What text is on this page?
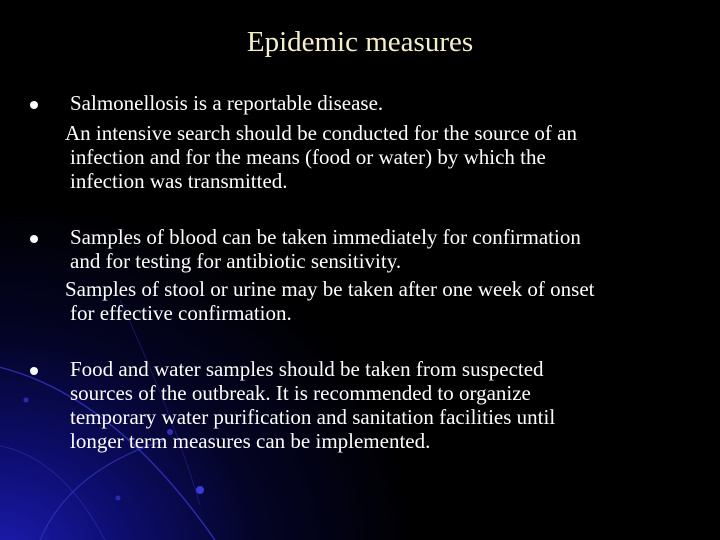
Epidemic measures
Salmonellosis is a reportable disease.
An intensive search should be conducted for the source of an
infection and for the means (food or water) by which the
infection was transmitted.
Samples of blood can be taken immediately for confirmation
and for testing for antibiotic sensitivity.
Samples of stool or urine may be taken after one week of onset
for effective confirmation.
Food and water samples should be taken from suspected
sources of the outbreak. It is recommended to organize
temporary water purification and sanitation facilities until
longer term measures can be implemented.
